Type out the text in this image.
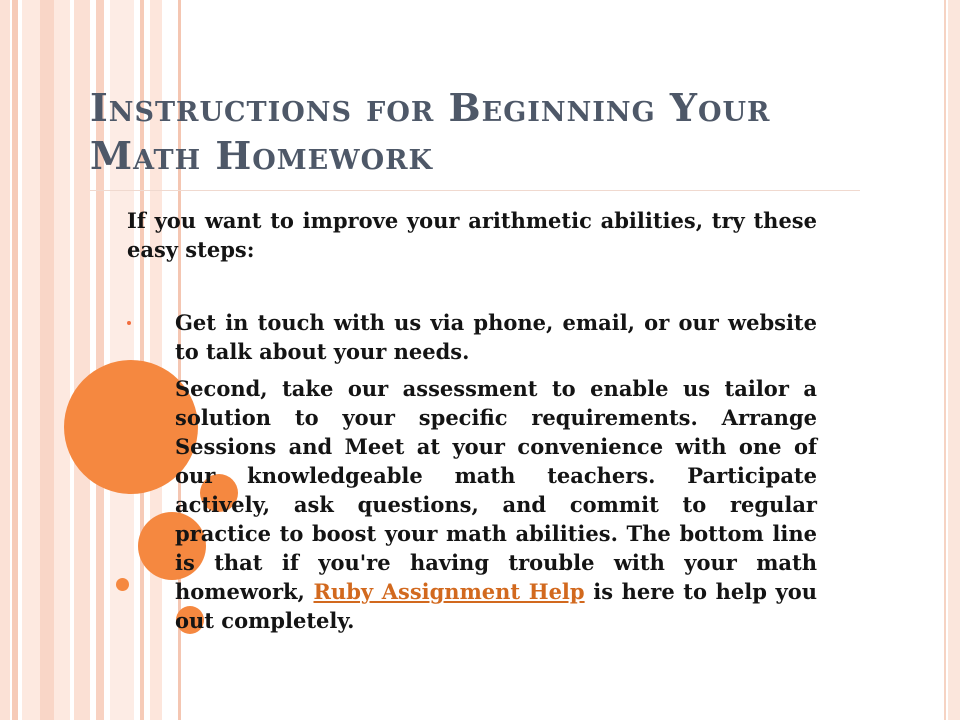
Instructions for Beginning Your
Math Homework

If you want to improve your arithmetic abilities, try these easy steps:

Get in touch with us via phone, email, or our website to talk about your needs.
Second, take our assessment to enable us tailor a solution to your specific requirements. Arrange Sessions and Meet at your convenience with one of our knowledgeable math teachers. Participate actively, ask questions, and commit to regular practice to boost your math abilities. The bottom line is that if you're having trouble with your math homework, Ruby Assignment Help is here to help you out completely.
